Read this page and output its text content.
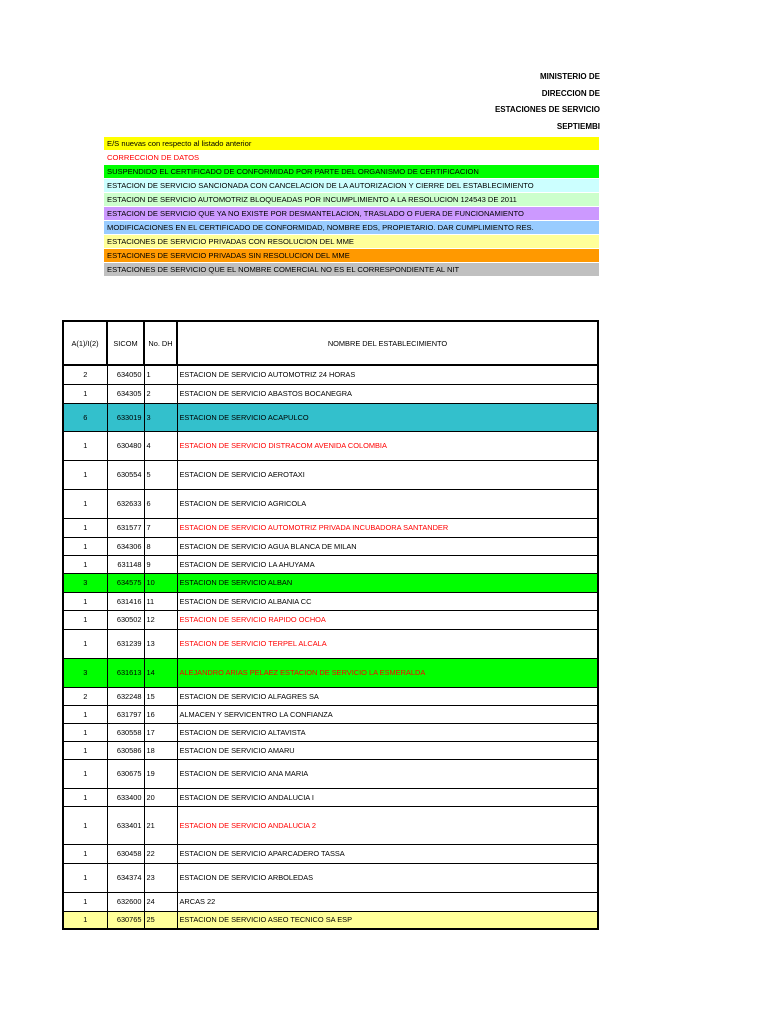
MINISTERIO DE
DIRECCION DE
ESTACIONES DE SERVICIO
SEPTIEMBI
E/S nuevas con respecto al listado anterior
CORRECCION DE DATOS
SUSPENDIDO EL CERTIFICADO DE CONFORMIDAD POR PARTE DEL ORGANISMO DE CERTIFICACION
ESTACION DE SERVICIO SANCIONADA CON CANCELACION DE LA AUTORIZACION Y CIERRE DEL ESTABLECIMIENTO
ESTACION DE SERVICIO AUTOMOTRIZ BLOQUEADAS POR INCUMPLIMIENTO A LA RESOLUCION 124543 DE 2011
ESTACION DE SERVICIO QUE YA NO EXISTE POR DESMANTELACION, TRASLADO O FUERA DE FUNCIONAMIENTO
MODIFICACIONES EN EL CERTIFICADO DE CONFORMIDAD, NOMBRE EDS, PROPIETARIO. DAR CUMPLIMIENTO RES.
ESTACIONES DE SERVICIO PRIVADAS CON RESOLUCION DEL MME
ESTACIONES DE SERVICIO PRIVADAS SIN RESOLUCION DEL MME
ESTACIONES DE SERVICIO QUE EL NOMBRE COMERCIAL NO ES EL CORRESPONDIENTE AL NIT
A(1)/I(2)	SICOM	No. DH	NOMBRE DEL ESTABLECIMIENTO
2	634050	1	ESTACION DE SERVICIO AUTOMOTRIZ 24 HORAS
1	634305	2	ESTACION DE SERVICIO ABASTOS BOCANEGRA
6	633019	3	ESTACION DE SERVICIO ACAPULCO
1	630480	4	ESTACION DE SERVICIO DISTRACOM AVENIDA COLOMBIA
1	630554	5	ESTACION DE SERVICIO AEROTAXI
1	632633	6	ESTACION DE SERVICIO AGRICOLA
1	631577	7	ESTACION DE SERVICIO AUTOMOTRIZ PRIVADA INCUBADORA SANTANDER
1	634306	8	ESTACION DE SERVICIO AGUA BLANCA DE MILAN
1	631148	9	ESTACION DE SERVICIO LA AHUYAMA
3	634575	10	ESTACION DE SERVICIO ALBAN
1	631416	11	ESTACION DE SERVICIO ALBANIA CC
1	630502	12	ESTACION DE SERVICIO RAPIDO OCHOA
1	631239	13	ESTACION DE SERVICIO TERPEL ALCALA
3	631613	14	ALEJANDRO ARIAS PELAEZ ESTACION DE SERVICIO LA ESMERALDA
2	632248	15	ESTACION DE SERVICIO ALFAGRES SA
1	631797	16	ALMACEN Y SERVICENTRO LA CONFIANZA
1	630558	17	ESTACION DE SERVICIO ALTAVISTA
1	630586	18	ESTACION DE SERVICIO AMARU
1	630675	19	ESTACION DE SERVICIO ANA MARIA
1	633400	20	ESTACION DE SERVICIO ANDALUCIA I
1	633401	21	ESTACION DE SERVICIO ANDALUCIA 2
1	630458	22	ESTACION DE SERVICIO APARCADERO TASSA
1	634374	23	ESTACION DE SERVICIO ARBOLEDAS
1	632600	24	ARCAS 22
1	630765	25	ESTACION DE SERVICIO ASEO TECNICO SA ESP
